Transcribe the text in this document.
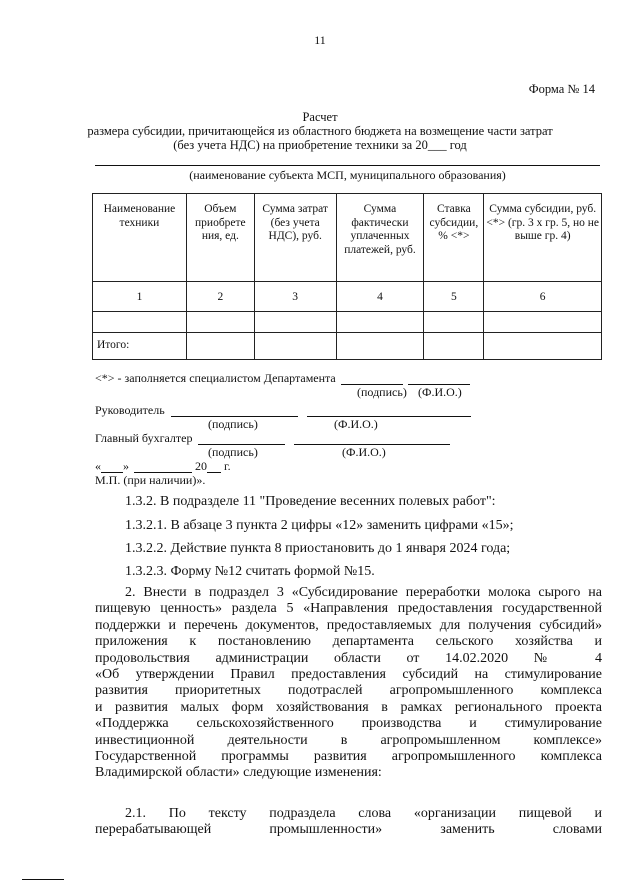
11
Форма № 14
Расчет
размера субсидии, причитающейся из областного бюджета на возмещение части затрат
(без учета НДС) на приобретение техники за 20___ год
(наименование субъекта МСП, муниципального образования)
Наименование техники	Объем приобрете ния, ед.	Сумма затрат (без учета НДС), руб.	Сумма фактически уплаченных платежей, руб.	Ставка субсидии, % <*>	Сумма субсидии, руб. <*> (гр. 3 х гр. 5, но не выше гр. 4)
1	2	3	4	5	6

Итого:					
<*> - заполняется специалистом Департамента
(подпись) (Ф.И.О.)
Руководитель
(подпись)	(Ф.И.О.)
Главный бухгалтер
(подпись)	(Ф.И.О.)
« »	20 г.
М.П. (при наличии)».
1.3.2. В подразделе 11 "Проведение весенних полевых работ":
1.3.2.1. В абзаце 3 пункта 2 цифры «12» заменить цифрами «15»;
1.3.2.2. Действие пункта 8 приостановить до 1 января 2024 года;
1.3.2.3. Форму №12 считать формой №15.
2. Внести в подраздел 3 «Субсидирование переработки молока сырого на
пищевую ценность» раздела 5 «Направления предоставления государственной
поддержки и перечень документов, предоставляемых для получения субсидий»
приложения к постановлению департамента сельского хозяйства и
продовольствия администрации области от 14.02.2020 № 4
«Об утверждении Правил предоставления субсидий на стимулирование
развития приоритетных подотраслей агропромышленного комплекса
и развития малых форм хозяйствования в рамках регионального проекта
«Поддержка сельскохозяйственного производства и стимулирование
инвестиционной деятельности в агропромышленном комплексе»
Государственной программы развития агропромышленного комплекса
Владимирской области» следующие изменения:
2.1. По тексту подраздела слова «организации пищевой и
перерабатывающей промышленности» заменить словами
